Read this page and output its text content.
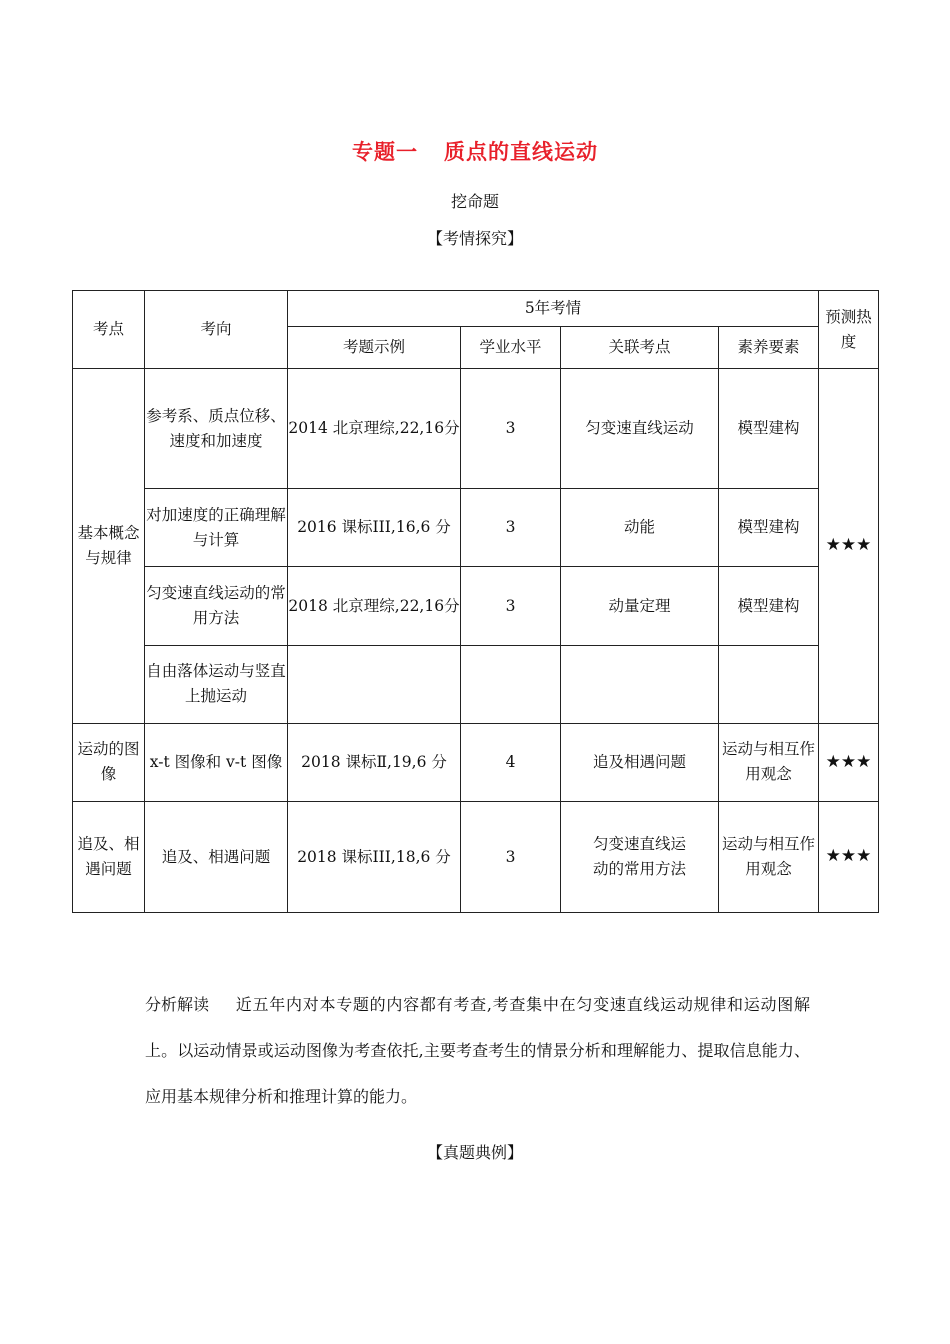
专题一 质点的直线运动
挖命题
【考情探究】
考点	考向	5年考情				预测热度
		考题示例	学业水平	关联考点	素养要素	
基本概念与规律	参考系、质点位移、速度和加速度	2014 北京理综,22,16分	3	匀变速直线运动	模型建构	★★★
	对加速度的正确理解与计算	2016 课标III,16,6 分	3	动能	模型建构	
	匀变速直线运动的常用方法	2018 北京理综,22,16分	3	动量定理	模型建构	
	自由落体运动与竖直上抛运动					
运动的图像	x-t 图像和 v-t 图像	2018 课标Ⅱ,19,6 分	4	追及相遇问题	运动与相互作用观念	★★★
追及、相遇问题	追及、相遇问题	2018 课标III,18,6 分	3	匀变速直线运动的常用方法	运动与相互作用观念	★★★
分析解读 近五年内对本专题的内容都有考查,考查集中在匀变速直线运动规律和运动图解上。以运动情景或运动图像为考查依托,主要考查考生的情景分析和理解能力、提取信息能力、应用基本规律分析和推理计算的能力。
【真题典例】
